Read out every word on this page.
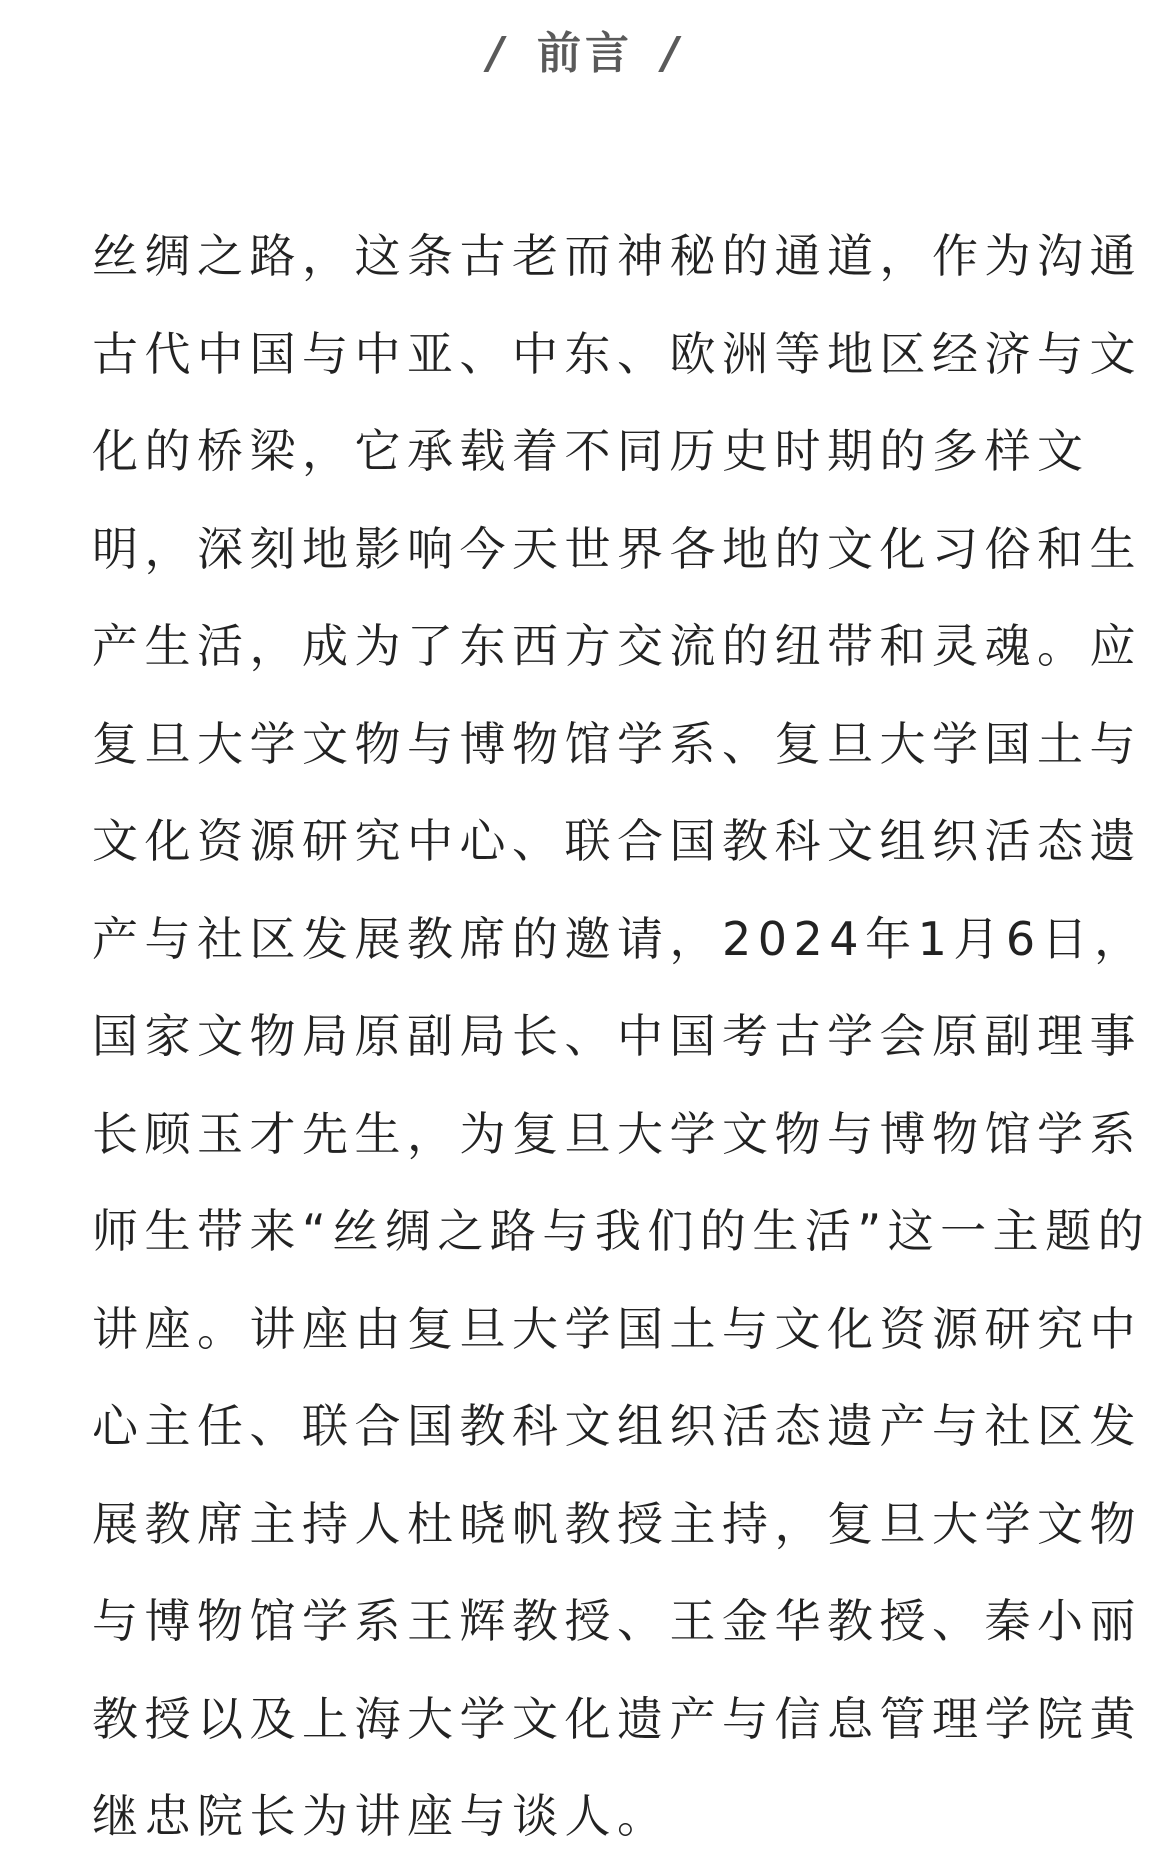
/ 前言 /
丝绸之路，这条古老而神秘的通道，作为沟通
古代中国与中亚、中东、欧洲等地区经济与文
化的桥梁，它承载着不同历史时期的多样文
明，深刻地影响今天世界各地的文化习俗和生
产生活，成为了东西方交流的纽带和灵魂。应
复旦大学文物与博物馆学系、复旦大学国土与
文化资源研究中心、联合国教科文组织活态遗
产与社区发展教席的邀请，2024年1月6日，
国家文物局原副局长、中国考古学会原副理事
长顾玉才先生，为复旦大学文物与博物馆学系
师生带来“丝绸之路与我们的生活”这一主题的
讲座。讲座由复旦大学国土与文化资源研究中
心主任、联合国教科文组织活态遗产与社区发
展教席主持人杜晓帆教授主持，复旦大学文物
与博物馆学系王辉教授、王金华教授、秦小丽
教授以及上海大学文化遗产与信息管理学院黄
继忠院长为讲座与谈人。
